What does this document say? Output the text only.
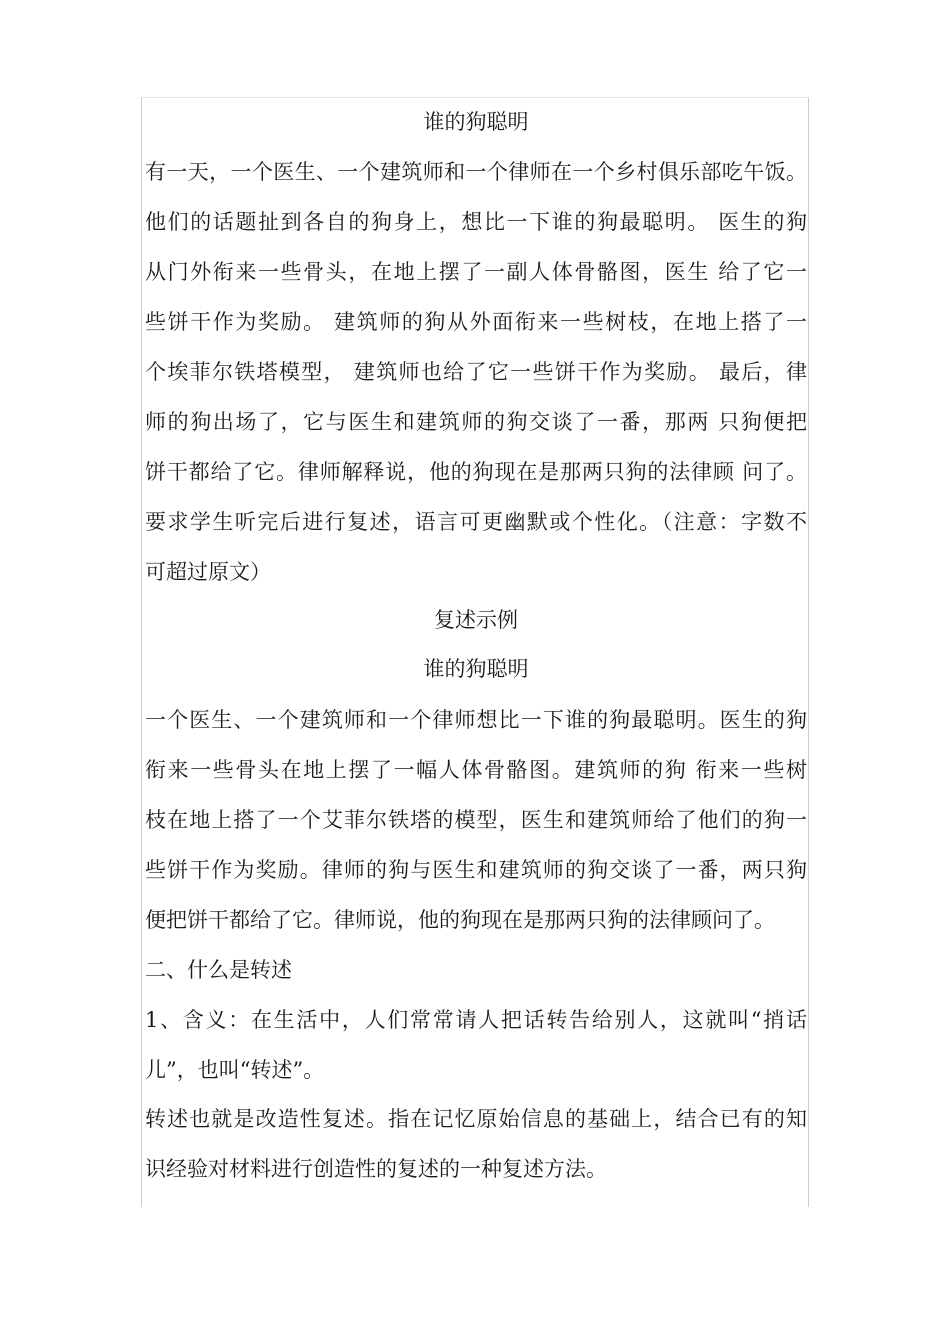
谁的狗聪明
有一天，一个医生、一个建筑师和一个律师在一个乡村俱乐部吃午饭。
他们的话题扯到各自的狗身上，想比一下谁的狗最聪明。 医生的狗
从门外衔来一些骨头，在地上摆了一副人体骨骼图，医生 给了它一
些饼干作为奖励。 建筑师的狗从外面衔来一些树枝，在地上搭了一
个埃菲尔铁塔模型， 建筑师也给了它一些饼干作为奖励。 最后，律
师的狗出场了，它与医生和建筑师的狗交谈了一番，那两 只狗便把
饼干都给了它。律师解释说，他的狗现在是那两只狗的法律顾 问了。
要求学生听完后进行复述，语言可更幽默或个性化。（注意：字数不
可超过原文）
复述示例
谁的狗聪明
一个医生、一个建筑师和一个律师想比一下谁的狗最聪明。医生的狗
衔来一些骨头在地上摆了一幅人体骨骼图。建筑师的狗 衔来一些树
枝在地上搭了一个艾菲尔铁塔的模型，医生和建筑师给了他们的狗一
些饼干作为奖励。律师的狗与医生和建筑师的狗交谈了一番，两只狗
便把饼干都给了它。律师说，他的狗现在是那两只狗的法律顾问了。
二、什么是转述
1、含义：在生活中，人们常常请人把话转告给别人，这就叫“捎话
儿”，也叫“转述”。
转述也就是改造性复述。指在记忆原始信息的基础上，结合已有的知
识经验对材料进行创造性的复述的一种复述方法。
